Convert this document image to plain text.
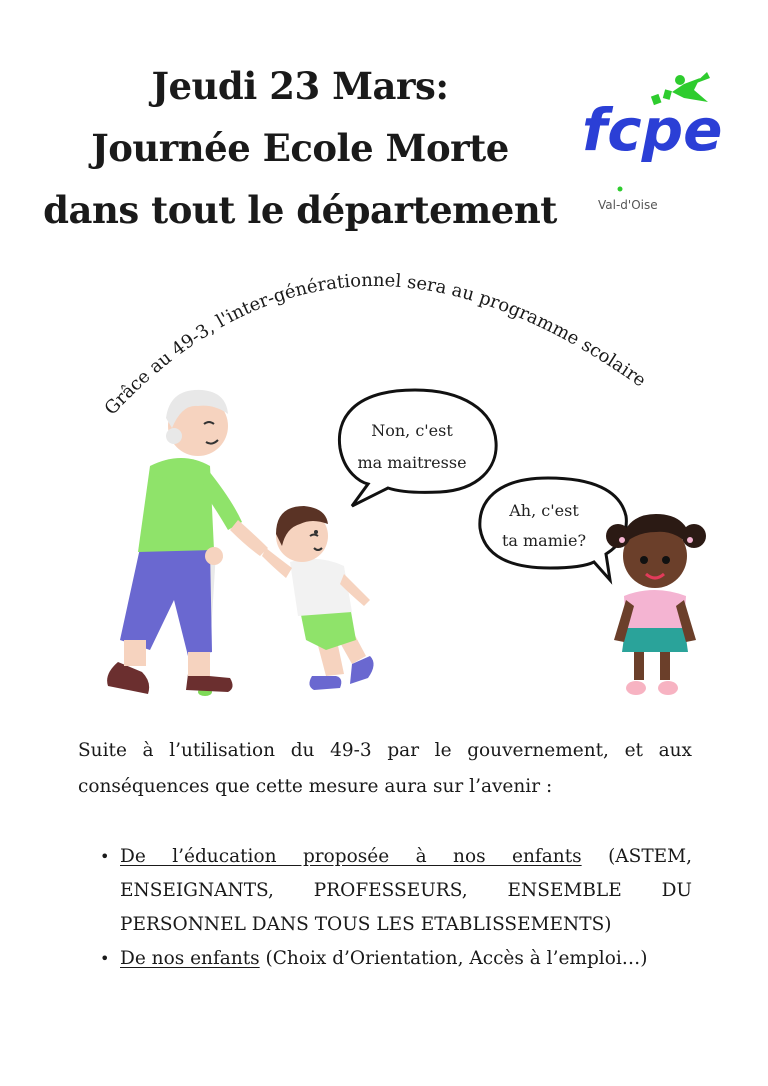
Jeudi 23 Mars:
Journée Ecole Morte
dans tout le département
fcpe
Val-d'Oise
Grâce au 49-3, l'inter-générationnel sera au programme scolaire
Non, c'est
ma maitresse
Ah, c'est
ta mamie?

Suite à l’utilisation du 49-3 par le gouvernement, et aux conséquences que cette mesure aura sur l’avenir :

• De l’éducation proposée à nos enfants (ASTEM, ENSEIGNANTS, PROFESSEURS, ENSEMBLE DU PERSONNEL DANS TOUS LES ETABLISSEMENTS)
• De nos enfants (Choix d’Orientation, Accès à l’emploi…)
